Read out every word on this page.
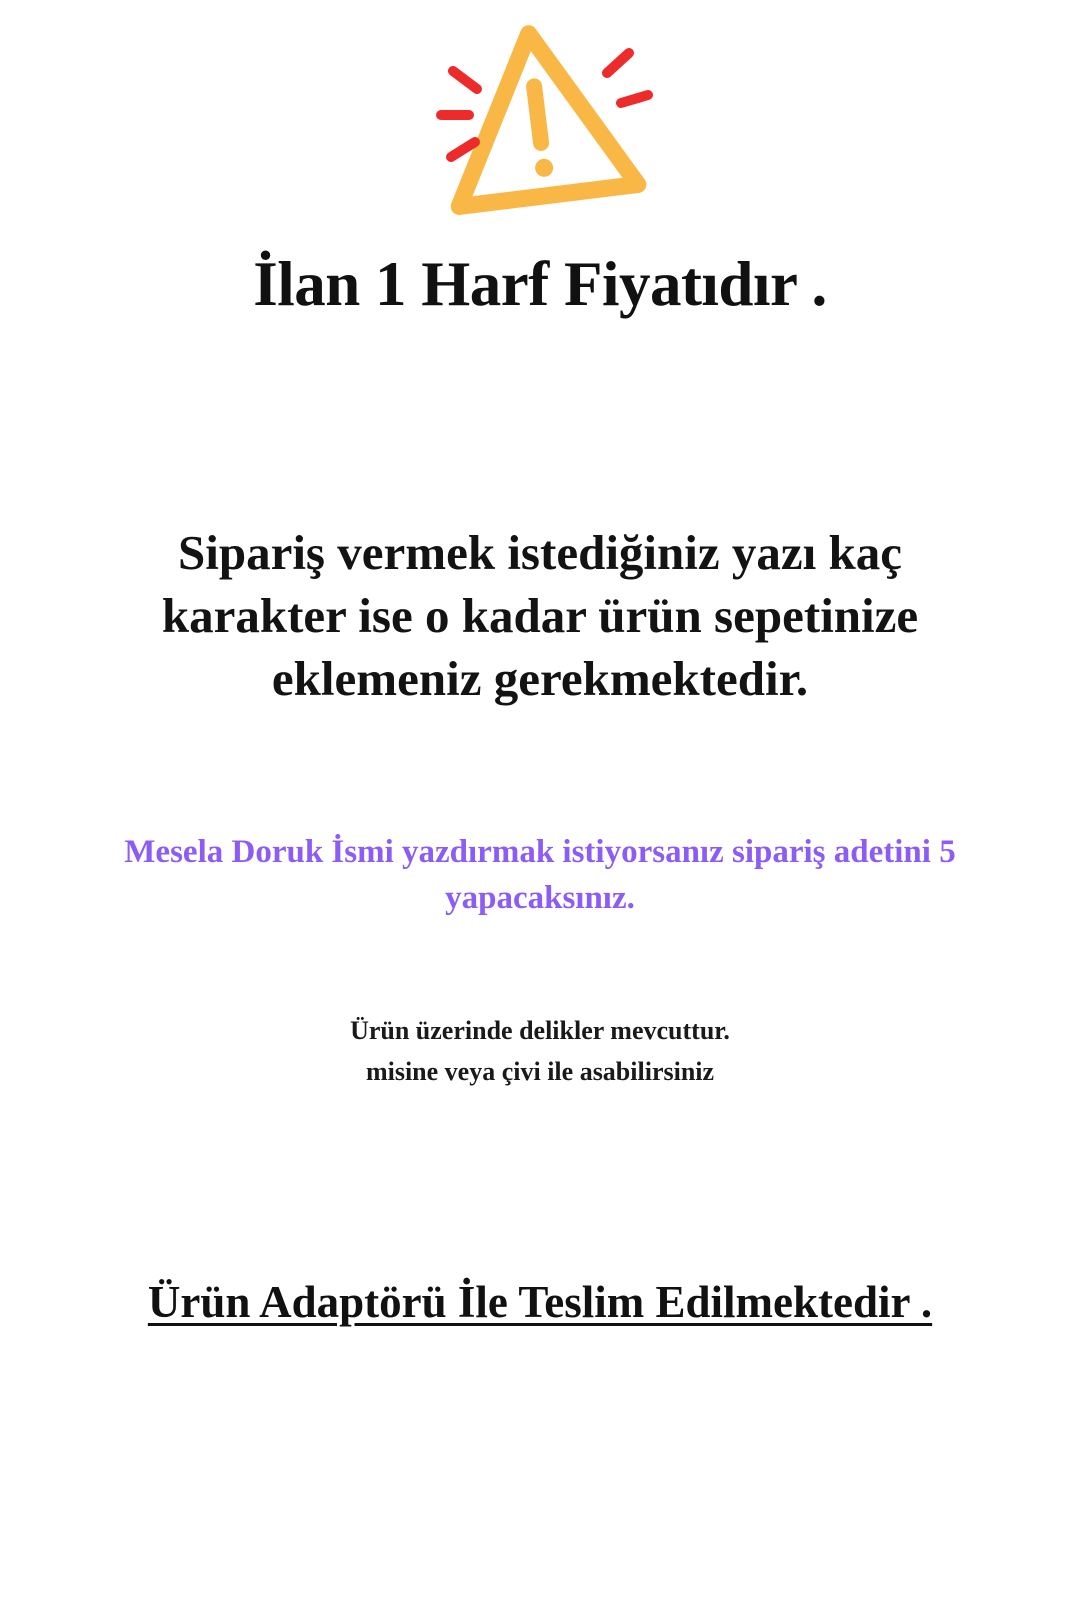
İlan 1 Harf Fiyatıdır .
Sipariş vermek istediğiniz yazı kaç karakter ise o kadar ürün sepetinize eklemeniz gerekmektedir.
Mesela Doruk İsmi yazdırmak istiyorsanız sipariş adetini 5 yapacaksınız.
Ürün üzerinde delikler mevcuttur.
misine veya çivi ile asabilirsiniz
Ürün Adaptörü İle Teslim Edilmektedir .
